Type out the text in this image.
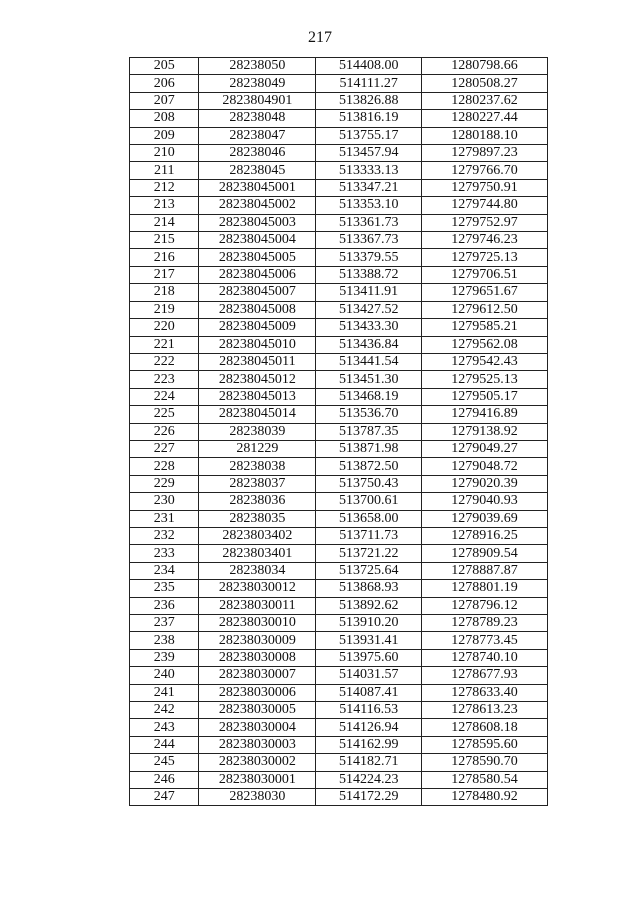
217
205	28238050	514408.00	1280798.66
206	28238049	514111.27	1280508.27
207	2823804901	513826.88	1280237.62
208	28238048	513816.19	1280227.44
209	28238047	513755.17	1280188.10
210	28238046	513457.94	1279897.23
211	28238045	513333.13	1279766.70
212	28238045001	513347.21	1279750.91
213	28238045002	513353.10	1279744.80
214	28238045003	513361.73	1279752.97
215	28238045004	513367.73	1279746.23
216	28238045005	513379.55	1279725.13
217	28238045006	513388.72	1279706.51
218	28238045007	513411.91	1279651.67
219	28238045008	513427.52	1279612.50
220	28238045009	513433.30	1279585.21
221	28238045010	513436.84	1279562.08
222	28238045011	513441.54	1279542.43
223	28238045012	513451.30	1279525.13
224	28238045013	513468.19	1279505.17
225	28238045014	513536.70	1279416.89
226	28238039	513787.35	1279138.92
227	281229	513871.98	1279049.27
228	28238038	513872.50	1279048.72
229	28238037	513750.43	1279020.39
230	28238036	513700.61	1279040.93
231	28238035	513658.00	1279039.69
232	2823803402	513711.73	1278916.25
233	2823803401	513721.22	1278909.54
234	28238034	513725.64	1278887.87
235	28238030012	513868.93	1278801.19
236	28238030011	513892.62	1278796.12
237	28238030010	513910.20	1278789.23
238	28238030009	513931.41	1278773.45
239	28238030008	513975.60	1278740.10
240	28238030007	514031.57	1278677.93
241	28238030006	514087.41	1278633.40
242	28238030005	514116.53	1278613.23
243	28238030004	514126.94	1278608.18
244	28238030003	514162.99	1278595.60
245	28238030002	514182.71	1278590.70
246	28238030001	514224.23	1278580.54
247	28238030	514172.29	1278480.92
